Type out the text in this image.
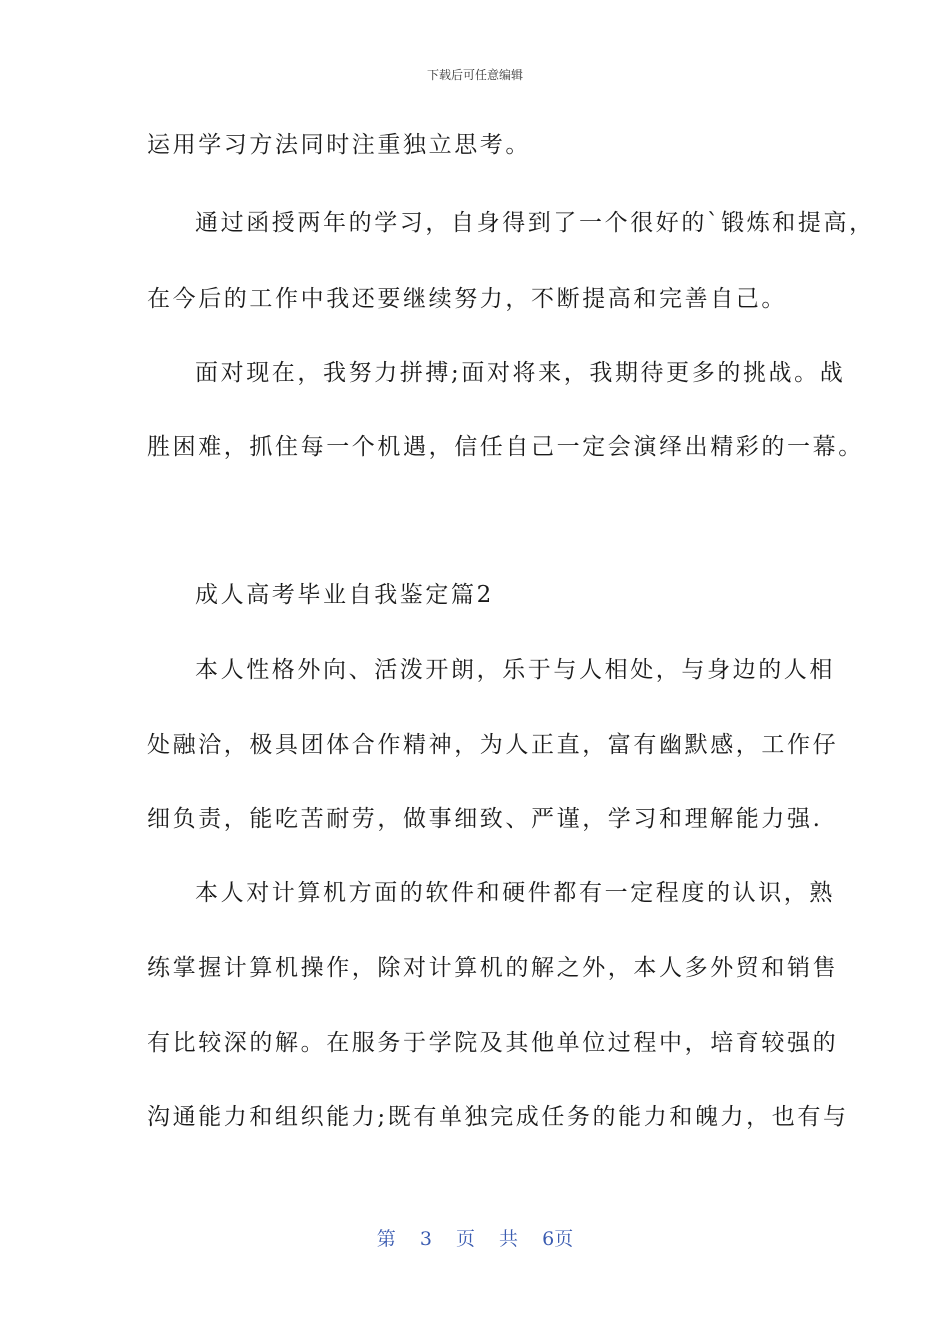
下载后可任意编辑
运用学习方法同时注重独立思考。
通过函授两年的学习，自身得到了一个很好的`锻炼和提高，
在今后的工作中我还要继续努力，不断提高和完善自己。
面对现在，我努力拼搏;面对将来，我期待更多的挑战。战
胜困难，抓住每一个机遇，信任自己一定会演绎出精彩的一幕。
成人高考毕业自我鉴定篇2
本人性格外向、活泼开朗，乐于与人相处，与身边的人相
处融洽，极具团体合作精神，为人正直，富有幽默感，工作仔
细负责，能吃苦耐劳，做事细致、严谨，学习和理解能力强.
本人对计算机方面的软件和硬件都有一定程度的认识，熟
练掌握计算机操作，除对计算机的解之外，本人多外贸和销售
有比较深的解。在服务于学院及其他单位过程中，培育较强的
沟通能力和组织能力;既有单独完成任务的能力和魄力，也有与
第 3 页 共 6页
